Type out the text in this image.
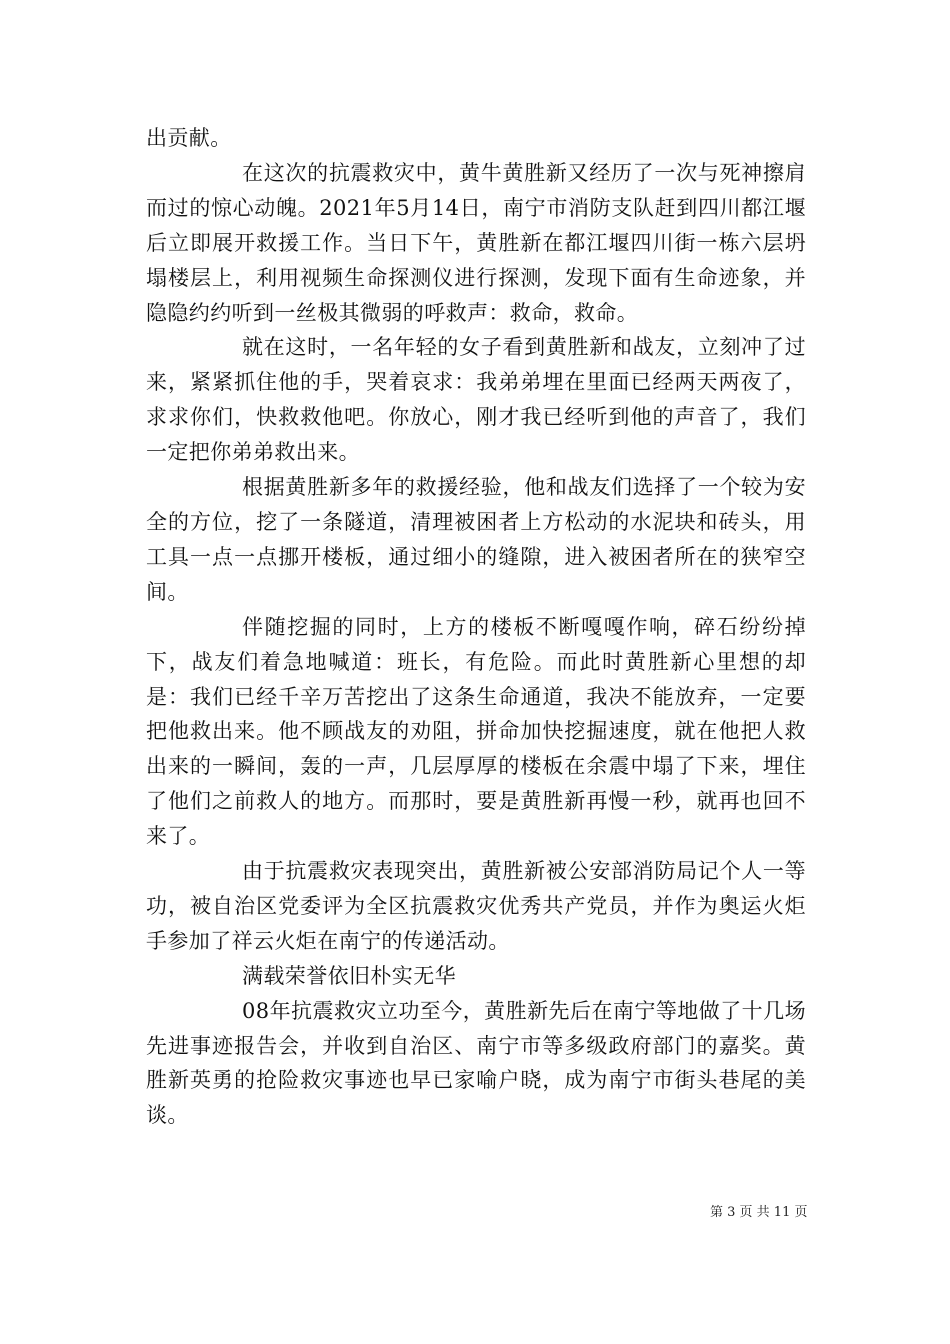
出贡献。

在这次的抗震救灾中，黄牛黄胜新又经历了一次与死神擦肩而过的惊心动魄。2021年5月14日，南宁市消防支队赶到四川都江堰后立即展开救援工作。当日下午，黄胜新在都江堰四川街一栋六层坍塌楼层上，利用视频生命探测仪进行探测，发现下面有生命迹象，并隐隐约约听到一丝极其微弱的呼救声：救命，救命。

就在这时，一名年轻的女子看到黄胜新和战友，立刻冲了过来，紧紧抓住他的手，哭着哀求：我弟弟埋在里面已经两天两夜了，求求你们，快救救他吧。你放心，刚才我已经听到他的声音了，我们一定把你弟弟救出来。

根据黄胜新多年的救援经验，他和战友们选择了一个较为安全的方位，挖了一条隧道，清理被困者上方松动的水泥块和砖头，用工具一点一点挪开楼板，通过细小的缝隙，进入被困者所在的狭窄空间。

伴随挖掘的同时，上方的楼板不断嘎嘎作响，碎石纷纷掉下，战友们着急地喊道：班长，有危险。而此时黄胜新心里想的却是：我们已经千辛万苦挖出了这条生命通道，我决不能放弃，一定要把他救出来。他不顾战友的劝阻，拼命加快挖掘速度，就在他把人救出来的一瞬间，轰的一声，几层厚厚的楼板在余震中塌了下来，埋住了他们之前救人的地方。而那时，要是黄胜新再慢一秒，就再也回不来了。

由于抗震救灾表现突出，黄胜新被公安部消防局记个人一等功，被自治区党委评为全区抗震救灾优秀共产党员，并作为奥运火炬手参加了祥云火炬在南宁的传递活动。

满载荣誉依旧朴实无华

08年抗震救灾立功至今，黄胜新先后在南宁等地做了十几场先进事迹报告会，并收到自治区、南宁市等多级政府部门的嘉奖。黄胜新英勇的抢险救灾事迹也早已家喻户晓，成为南宁市街头巷尾的美谈。

第 3 页 共 11 页
